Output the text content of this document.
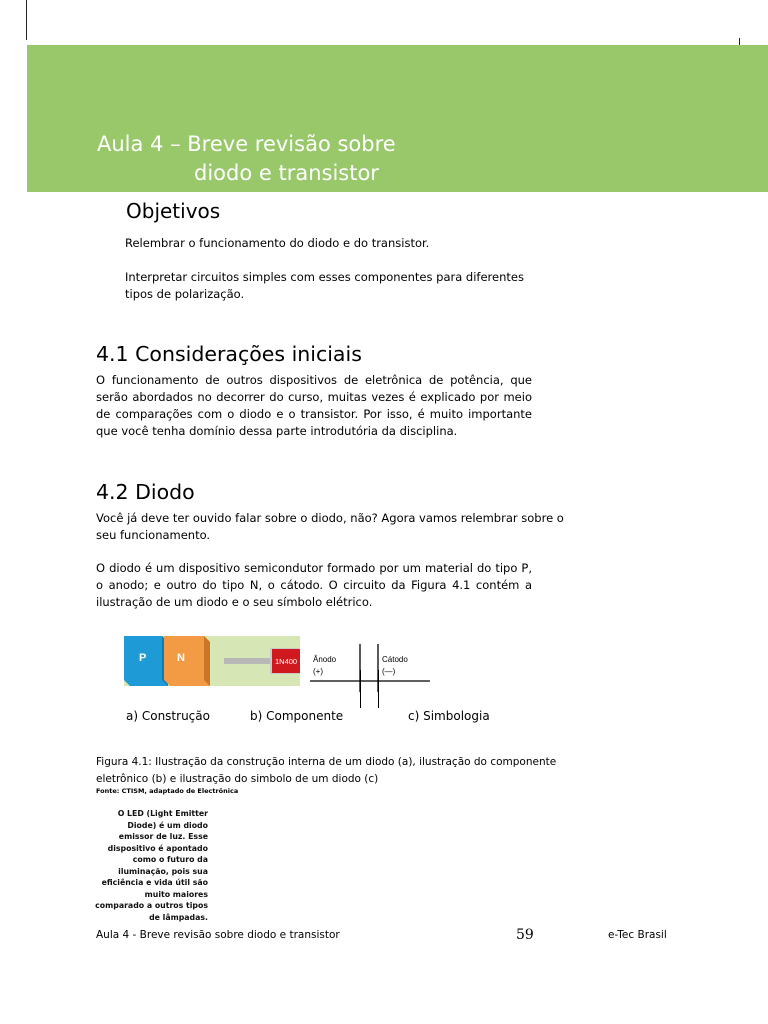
Aula 4 – Breve revisão sobre
diodo e transistor
Objetivos
Relembrar o funcionamento do diodo e do transistor.
Interpretar circuitos simples com esses componentes para diferentes tipos de polarização.
4.1 Considerações iniciais
O funcionamento de outros dispositivos de eletrônica de potência, que serão abordados no decorrer do curso, muitas vezes é explicado por meio de comparações com o diodo e o transistor. Por isso, é muito importante que você tenha domínio dessa parte introdutória da disciplina.
4.2 Diodo
Você já deve ter ouvido falar sobre o diodo, não? Agora vamos relembrar sobre o seu funcionamento.
O diodo é um dispositivo semicondutor formado por um material do tipo P, o anodo; e outro do tipo N, o cátodo. O circuito da Figura 4.1 contém a ilustração de um diodo e o seu símbolo elétrico.
P	N	1N400 Ânodo
(+)
Cátodo
(—)
a) Construção	b) Componente	c) Simbologia
Figura 4.1: Ilustração da construção interna de um diodo (a), ilustração do componente eletrônico (b) e ilustração do simbolo de um diodo (c)
Fonte: CTISM, adaptado de Electrônica
O LED (Light Emitter Diode) é um diodo emissor de luz. Esse dispositivo é apontado como o futuro da iluminação, pois sua eficiência e vida útil são muito maiores comparado a outros tipos de lâmpadas.
Aula 4 - Breve revisão sobre diodo e transistor	59	e-Tec Brasil
